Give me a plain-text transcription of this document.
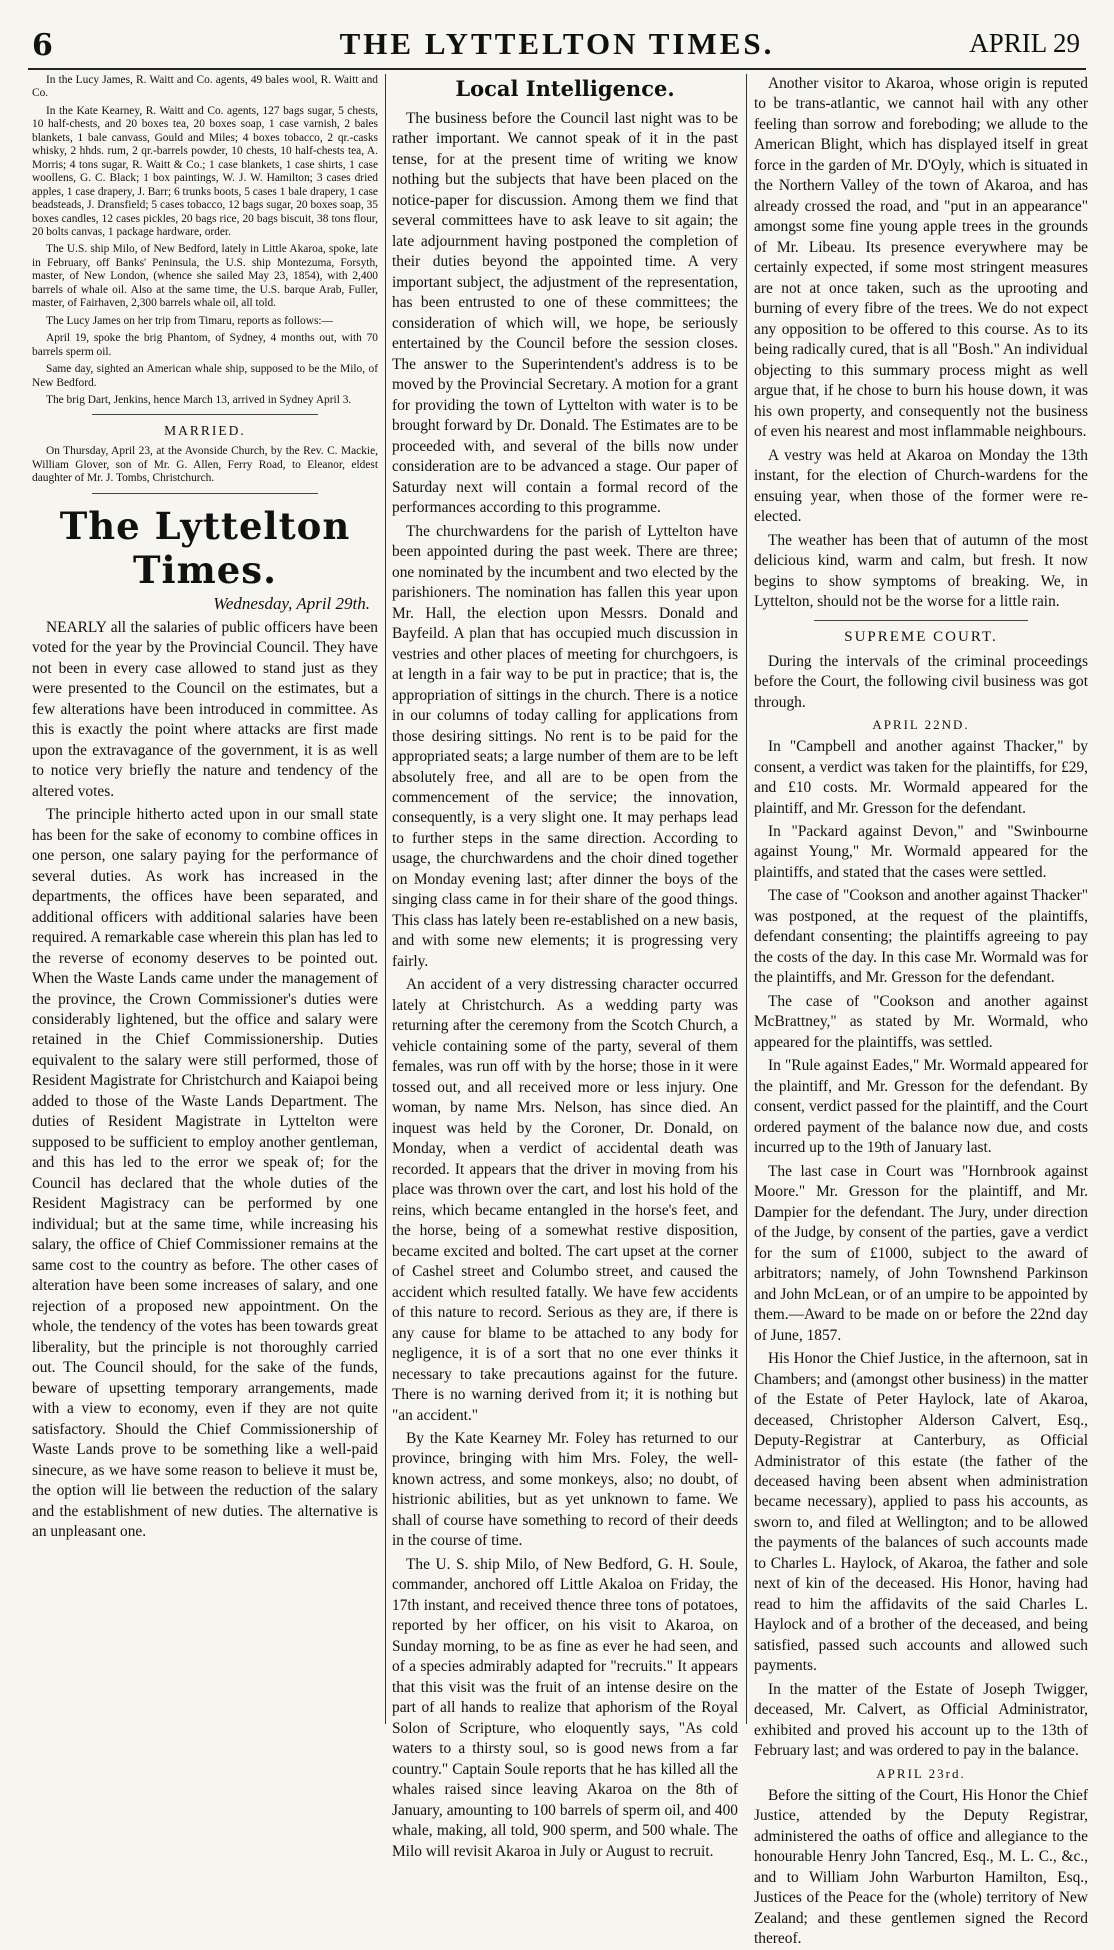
6	THE LYTTELTON TIMES.	APRIL 29

In the Lucy James, R. Waitt and Co. agents, 49 bales wool, R. Waitt and Co.

In the Kate Kearney, R. Waitt and Co. agents, 127 bags sugar, 5 chests, 10 half-chests, and 20 boxes tea, 20 boxes soap, 1 case varnish, 2 bales blankets, 1 bale canvass, Gould and Miles; 4 boxes tobacco, 2 qr.-casks whisky, 2 hhds. rum, 2 qr.-barrels powder, 10 chests, 10 half-chests tea, A. Morris; 4 tons sugar, R. Waitt & Co.; 1 case blankets, 1 case shirts, 1 case woollens, G. C. Black; 1 box paintings, W. J. W. Hamilton; 3 cases dried apples, 1 case drapery, J. Barr; 6 trunks boots, 5 cases 1 bale drapery, 1 case beadsteads, J. Dransfield; 5 cases tobacco, 12 bags sugar, 20 boxes soap, 35 boxes candles, 12 cases pickles, 20 bags rice, 20 bags biscuit, 38 tons flour, 20 bolts canvas, 1 package hardware, order.

The U.S. ship Milo, of New Bedford, lately in Little Akaroa, spoke, late in February, off Banks' Peninsula, the U.S. ship Montezuma, Forsyth, master, of New London, (whence she sailed May 23, 1854), with 2,400 barrels of whale oil. Also at the same time, the U.S. barque Arab, Fuller, master, of Fairhaven, 2,300 barrels whale oil, all told.

The Lucy James on her trip from Timaru, reports as follows:—

April 19, spoke the brig Phantom, of Sydney, 4 months out, with 70 barrels sperm oil.

Same day, sighted an American whale ship, supposed to be the Milo, of New Bedford.

The brig Dart, Jenkins, hence March 13, arrived in Sydney April 3.

MARRIED.

On Thursday, April 23, at the Avonside Church, by the Rev. C. Mackie, William Glover, son of Mr. G. Allen, Ferry Road, to Eleanor, eldest daughter of Mr. J. Tombs, Christchurch.

The Lyttelton Times.
Wednesday, April 29th.

NEARLY all the salaries of public officers have been voted for the year by the Provincial Council. They have not been in every case allowed to stand just as they were presented to the Council on the estimates, but a few alterations have been introduced in committee. As this is exactly the point where attacks are first made upon the extravagance of the government, it is as well to notice very briefly the nature and tendency of the altered votes.

The principle hitherto acted upon in our small state has been for the sake of economy to combine offices in one person, one salary paying for the performance of several duties. As work has increased in the departments, the offices have been separated, and additional officers with additional salaries have been required. A remarkable case wherein this plan has led to the reverse of economy deserves to be pointed out. When the Waste Lands came under the management of the province, the Crown Commissioner's duties were considerably lightened, but the office and salary were retained in the Chief Commissionership. Duties equivalent to the salary were still performed, those of Resident Magistrate for Christchurch and Kaiapoi being added to those of the Waste Lands Department. The duties of Resident Magistrate in Lyttelton were supposed to be sufficient to employ another gentleman, and this has led to the error we speak of; for the Council has declared that the whole duties of the Resident Magistracy can be performed by one individual; but at the same time, while increasing his salary, the office of Chief Commissioner remains at the same cost to the country as before. The other cases of alteration have been some increases of salary, and one rejection of a proposed new appointment. On the whole, the tendency of the votes has been towards great liberality, but the principle is not thoroughly carried out. The Council should, for the sake of the funds, beware of upsetting temporary arrangements, made with a view to economy, even if they are not quite satisfactory. Should the Chief Commissionership of Waste Lands prove to be something like a well-paid sinecure, as we have some reason to believe it must be, the option will lie between the reduction of the salary and the establishment of new duties. The alternative is an unpleasant one.

Local Intelligence.

The business before the Council last night was to be rather important. We cannot speak of it in the past tense, for at the present time of writing we know nothing but the subjects that have been placed on the notice-paper for discussion. Among them we find that several committees have to ask leave to sit again; the late adjournment having postponed the completion of their duties beyond the appointed time. A very important subject, the adjustment of the representation, has been entrusted to one of these committees; the consideration of which will, we hope, be seriously entertained by the Council before the session closes. The answer to the Superintendent's address is to be moved by the Provincial Secretary. A motion for a grant for providing the town of Lyttelton with water is to be brought forward by Dr. Donald. The Estimates are to be proceeded with, and several of the bills now under consideration are to be advanced a stage. Our paper of Saturday next will contain a formal record of the performances according to this programme.

The churchwardens for the parish of Lyttelton have been appointed during the past week. There are three; one nominated by the incumbent and two elected by the parishioners. The nomination has fallen this year upon Mr. Hall, the election upon Messrs. Donald and Bayfeild. A plan that has occupied much discussion in vestries and other places of meeting for churchgoers, is at length in a fair way to be put in practice; that is, the appropriation of sittings in the church. There is a notice in our columns of today calling for applications from those desiring sittings. No rent is to be paid for the appropriated seats; a large number of them are to be left absolutely free, and all are to be open from the commencement of the service; the innovation, consequently, is a very slight one. It may perhaps lead to further steps in the same direction. According to usage, the churchwardens and the choir dined together on Monday evening last; after dinner the boys of the singing class came in for their share of the good things. This class has lately been re-established on a new basis, and with some new elements; it is progressing very fairly.

An accident of a very distressing character occurred lately at Christchurch. As a wedding party was returning after the ceremony from the Scotch Church, a vehicle containing some of the party, several of them females, was run off with by the horse; those in it were tossed out, and all received more or less injury. One woman, by name Mrs. Nelson, has since died. An inquest was held by the Coroner, Dr. Donald, on Monday, when a verdict of accidental death was recorded. It appears that the driver in moving from his place was thrown over the cart, and lost his hold of the reins, which became entangled in the horse's feet, and the horse, being of a somewhat restive disposition, became excited and bolted. The cart upset at the corner of Cashel street and Columbo street, and caused the accident which resulted fatally. We have few accidents of this nature to record. Serious as they are, if there is any cause for blame to be attached to any body for negligence, it is of a sort that no one ever thinks it necessary to take precautions against for the future. There is no warning derived from it; it is nothing but "an accident."

By the Kate Kearney Mr. Foley has returned to our province, bringing with him Mrs. Foley, the well-known actress, and some monkeys, also; no doubt, of histrionic abilities, but as yet unknown to fame. We shall of course have something to record of their deeds in the course of time.

The U. S. ship Milo, of New Bedford, G. H. Soule, commander, anchored off Little Akaloa on Friday, the 17th instant, and received thence three tons of potatoes, reported by her officer, on his visit to Akaroa, on Sunday morning, to be as fine as ever he had seen, and of a species admirably adapted for "recruits." It appears that this visit was the fruit of an intense desire on the part of all hands to realize that aphorism of the Royal Solon of Scripture, who eloquently says, "As cold waters to a thirsty soul, so is good news from a far country." Captain Soule reports that he has killed all the whales raised since leaving Akaroa on the 8th of January, amounting to 100 barrels of sperm oil, and 400 whale, making, all told, 900 sperm, and 500 whale. The Milo will revisit Akaroa in July or August to recruit.

Another visitor to Akaroa, whose origin is reputed to be trans-atlantic, we cannot hail with any other feeling than sorrow and foreboding; we allude to the American Blight, which has displayed itself in great force in the garden of Mr. D'Oyly, which is situated in the Northern Valley of the town of Akaroa, and has already crossed the road, and "put in an appearance" amongst some fine young apple trees in the grounds of Mr. Libeau. Its presence everywhere may be certainly expected, if some most stringent measures are not at once taken, such as the uprooting and burning of every fibre of the trees. We do not expect any opposition to be offered to this course. As to its being radically cured, that is all "Bosh." An individual objecting to this summary process might as well argue that, if he chose to burn his house down, it was his own property, and consequently not the business of even his nearest and most inflammable neighbours.

A vestry was held at Akaroa on Monday the 13th instant, for the election of Church-wardens for the ensuing year, when those of the former were re-elected.

The weather has been that of autumn of the most delicious kind, warm and calm, but fresh. It now begins to show symptoms of breaking. We, in Lyttelton, should not be the worse for a little rain.

SUPREME COURT.

During the intervals of the criminal proceedings before the Court, the following civil business was got through.

APRIL 22ND.

In "Campbell and another against Thacker," by consent, a verdict was taken for the plaintiffs, for £29, and £10 costs. Mr. Wormald appeared for the plaintiff, and Mr. Gresson for the defendant.

In "Packard against Devon," and "Swinbourne against Young," Mr. Wormald appeared for the plaintiffs, and stated that the cases were settled.

The case of "Cookson and another against Thacker" was postponed, at the request of the plaintiffs, defendant consenting; the plaintiffs agreeing to pay the costs of the day. In this case Mr. Wormald was for the plaintiffs, and Mr. Gresson for the defendant.

The case of "Cookson and another against McBrattney," as stated by Mr. Wormald, who appeared for the plaintiffs, was settled.

In "Rule against Eades," Mr. Wormald appeared for the plaintiff, and Mr. Gresson for the defendant. By consent, verdict passed for the plaintiff, and the Court ordered payment of the balance now due, and costs incurred up to the 19th of January last.

The last case in Court was "Hornbrook against Moore." Mr. Gresson for the plaintiff, and Mr. Dampier for the defendant. The Jury, under direction of the Judge, by consent of the parties, gave a verdict for the sum of £1000, subject to the award of arbitrators; namely, of John Townshend Parkinson and John McLean, or of an umpire to be appointed by them.—Award to be made on or before the 22nd day of June, 1857.

His Honor the Chief Justice, in the afternoon, sat in Chambers; and (amongst other business) in the matter of the Estate of Peter Haylock, late of Akaroa, deceased, Christopher Alderson Calvert, Esq., Deputy-Registrar at Canterbury, as Official Administrator of this estate (the father of the deceased having been absent when administration became necessary), applied to pass his accounts, as sworn to, and filed at Wellington; and to be allowed the payments of the balances of such accounts made to Charles L. Haylock, of Akaroa, the father and sole next of kin of the deceased. His Honor, having had read to him the affidavits of the said Charles L. Haylock and of a brother of the deceased, and being satisfied, passed such accounts and allowed such payments.

In the matter of the Estate of Joseph Twigger, deceased, Mr. Calvert, as Official Administrator, exhibited and proved his account up to the 13th of February last; and was ordered to pay in the balance.

APRIL 23rd.

Before the sitting of the Court, His Honor the Chief Justice, attended by the Deputy Registrar, administered the oaths of office and allegiance to the honourable Henry John Tancred, Esq., M. L. C., &c., and to William John Warburton Hamilton, Esq., Justices of the Peace for the (whole) territory of New Zealand; and these gentlemen signed the Record thereof.
